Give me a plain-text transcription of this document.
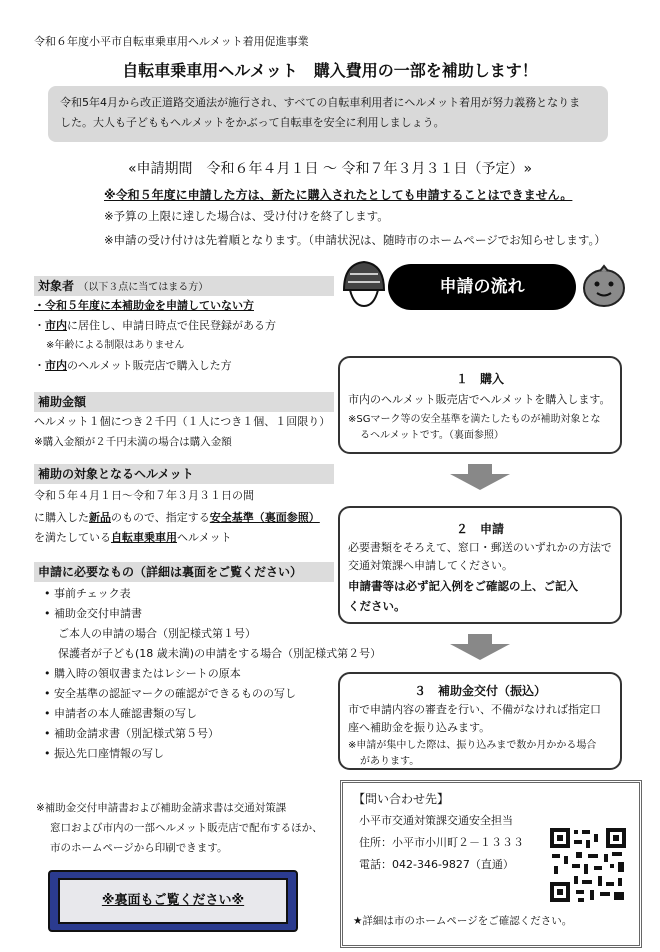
令和６年度小平市自転車乗車用ヘルメット着用促進事業
自転車乗車用ヘルメット　購入費用の一部を補助します！
令和5年4月から改正道路交通法が施行され、すべての自転車利用者にヘルメット着用が努力義務となりま
した。大人も子どももヘルメットをかぶって自転車を安全に利用しましょう。
«申請期間　令和６年４月１日 ～ 令和７年３月３１日（予定）»
※令和５年度に申請した方は、新たに購入されたとしても申請することはできません。
※予算の上限に達した場合は、受け付けを終了します。
※申請の受け付けは先着順となります。（申請状況は、随時市のホームページでお知らせします。）
対象者 （以下３点に当てはまる方）
・令和５年度に本補助金を申請していない方
・市内に居住し、申請日時点で住民登録がある方
※年齢による制限はありません
・市内のヘルメット販売店で購入した方
補助金額
ヘルメット１個につき２千円（１人につき１個、１回限り）
※購入金額が２千円未満の場合は購入金額
補助の対象となるヘルメット
令和５年４月１日～令和７年３月３１日の間
に購入した新品のもので、指定する安全基準（裏面参照）
を満たしている自転車乗車用ヘルメット
申請に必要なもの（詳細は裏面をご覧ください）
• 事前チェック表
• 補助金交付申請書
ご本人の申請の場合（別記様式第１号）
保護者が子ども(18 歳未満)の申請をする場合（別記様式第２号）
• 購入時の領収書またはレシートの原本
• 安全基準の認証マークの確認ができるものの写し
• 申請者の本人確認書類の写し
• 補助金請求書（別記様式第５号）
• 振込先口座情報の写し
※補助金交付申請書および補助金請求書は交通対策課
窓口および市内の一部ヘルメット販売店で配布するほか、
市のホームページから印刷できます。
※裏面もご覧ください※
申請の流れ
１　購入
市内のヘルメット販売店でヘルメットを購入します。
※SGマーク等の安全基準を満たしたものが補助対象とな
るヘルメットです。（裏面参照）
２　申請
必要書類をそろえて、窓口・郵送のいずれかの方法で
交通対策課へ申請してください。
申請書等は必ず記入例をご確認の上、ご記入
ください。
３　補助金交付（振込）
市で申請内容の審査を行い、不備がなければ指定口
座へ補助金を振り込みます。
※申請が集中した際は、振り込みまで数か月かかる場合
があります。
【問い合わせ先】
小平市交通対策課交通安全担当
住所：小平市小川町２－１３３３
電話：042-346-9827（直通）
★詳細は市のホームページをご確認ください。
